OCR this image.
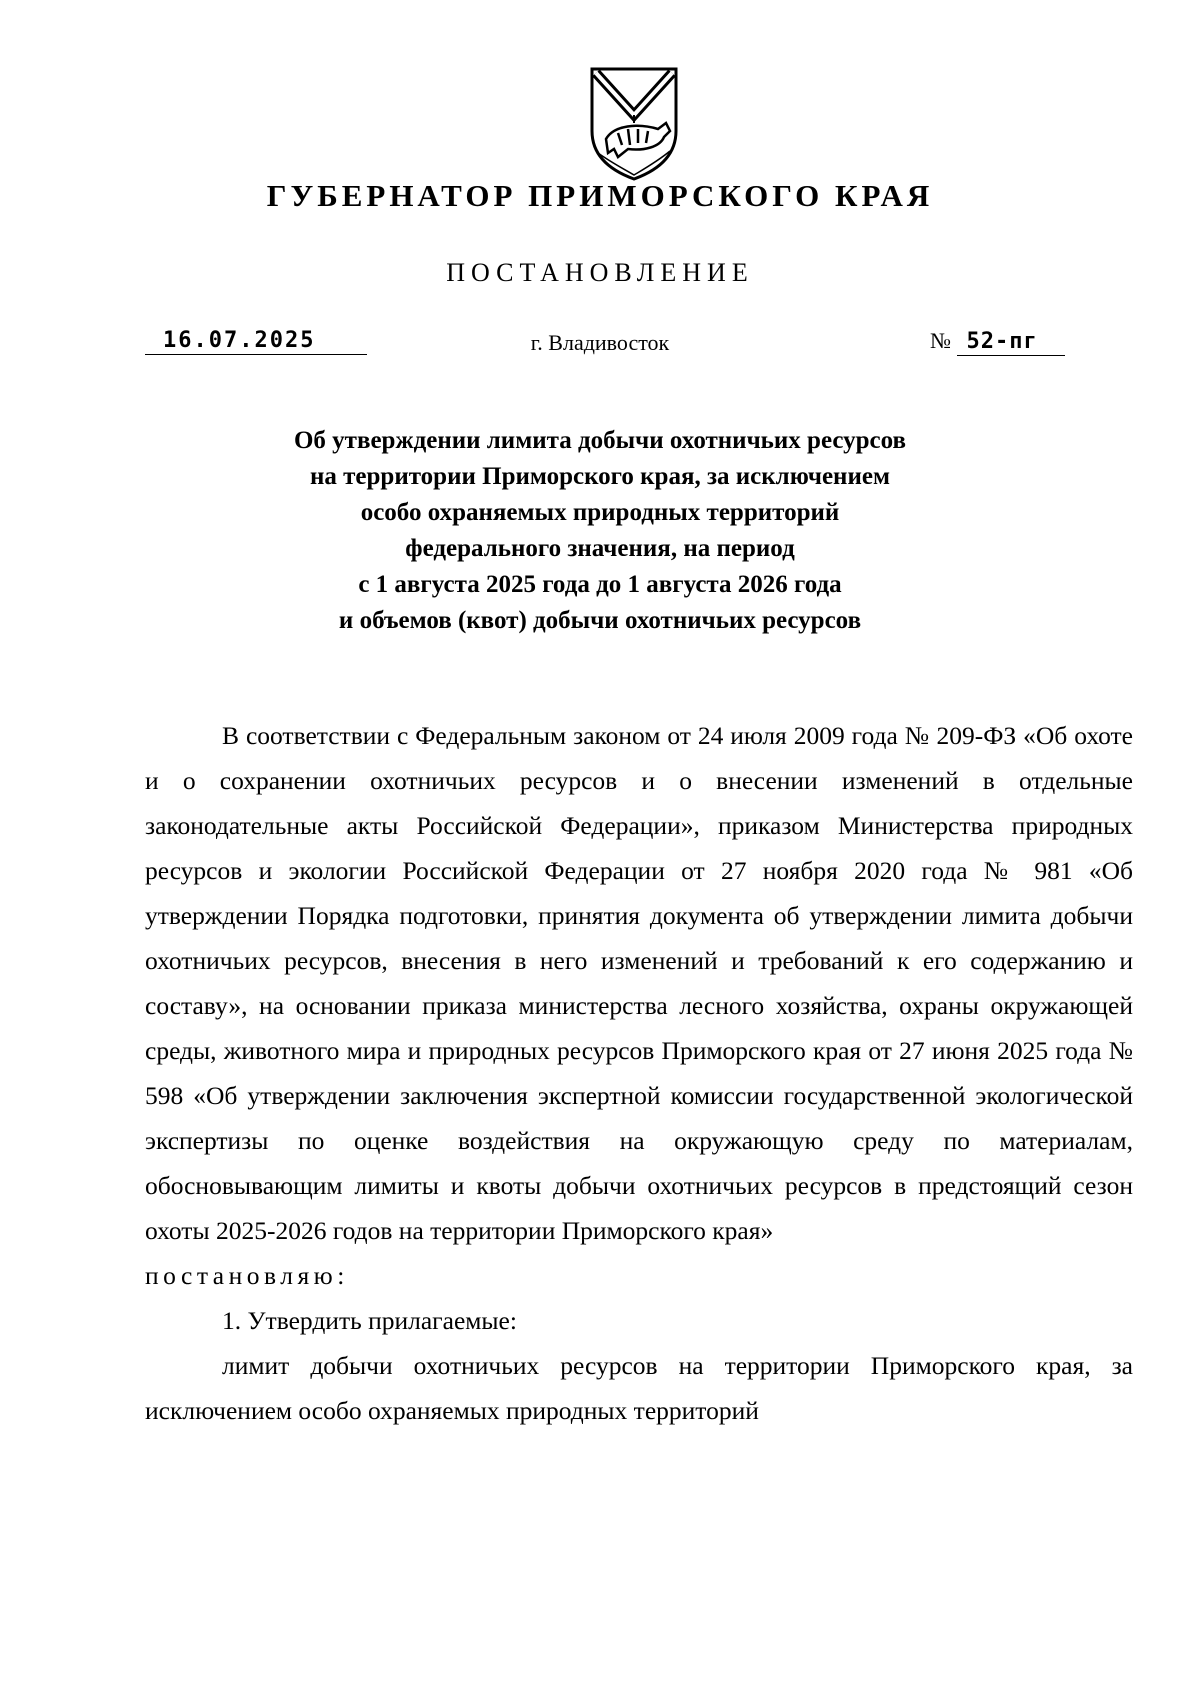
ГУБЕРНАТОР ПРИМОРСКОГО КРАЯ
ПОСТАНОВЛЕНИЕ
16.07.2025	г. Владивосток	№ 52-пг
Об утверждении лимита добычи охотничьих ресурсов
на территории Приморского края, за исключением
особо охраняемых природных территорий
федерального значения, на период
с 1 августа 2025 года до 1 августа 2026 года
и объемов (квот) добычи охотничьих ресурсов

В соответствии с Федеральным законом от 24 июля 2009 года № 209-ФЗ «Об охоте и о сохранении охотничьих ресурсов и о внесении изменений в отдельные законодательные акты Российской Федерации», приказом Министерства природных ресурсов и экологии Российской Федерации от 27 ноября 2020 года № 981 «Об утверждении Порядка подготовки, принятия документа об утверждении лимита добычи охотничьих ресурсов, внесения в него изменений и требований к его содержанию и составу», на основании приказа министерства лесного хозяйства, охраны окружающей среды, животного мира и природных ресурсов Приморского края от 27 июня 2025 года № 598 «Об утверждении заключения экспертной комиссии государственной экологической экспертизы по оценке воздействия на окружающую среду по материалам, обосновывающим лимиты и квоты добычи охотничьих ресурсов в предстоящий сезон охоты 2025-2026 годов на территории Приморского края»

постановляю:

1. Утвердить прилагаемые:

лимит добычи охотничьих ресурсов на территории Приморского края, за исключением особо охраняемых природных территорий
